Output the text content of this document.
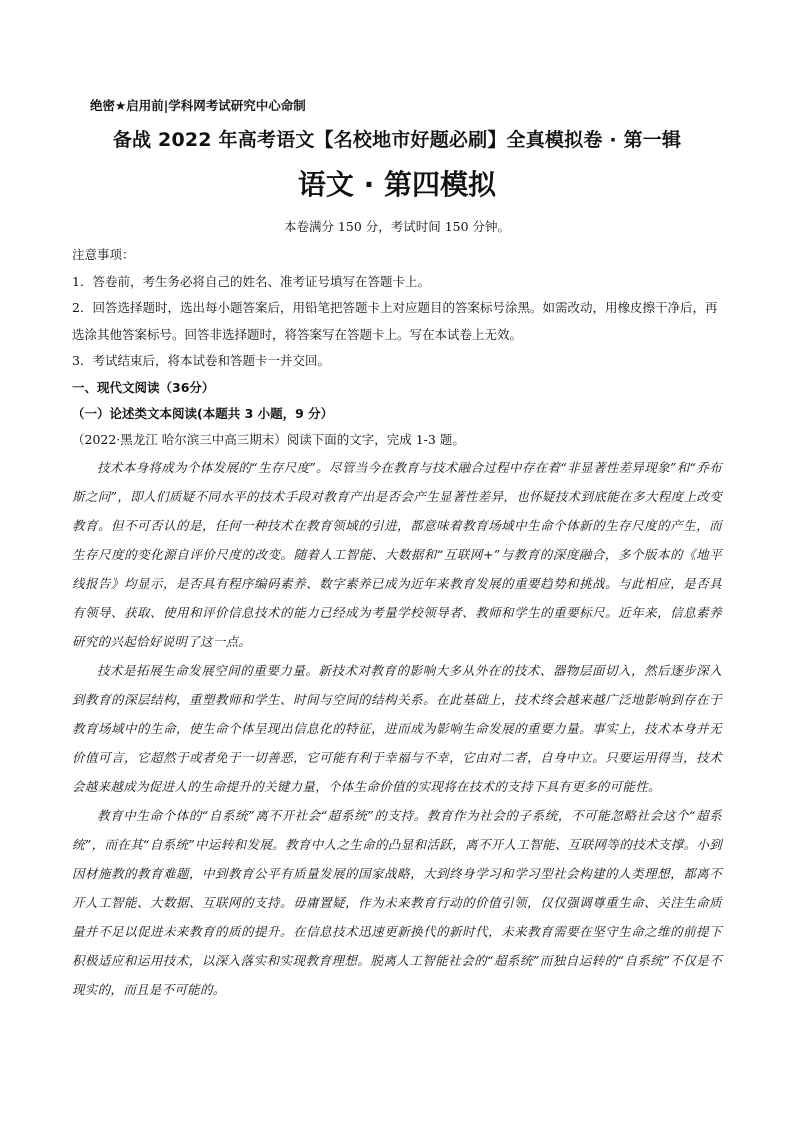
绝密★启用前|学科网考试研究中心命制
备战 2022 年高考语文【名校地市好题必刷】全真模拟卷 · 第一辑
语文 · 第四模拟
本卷满分 150 分，考试时间 150 分钟。
注意事项：
1．答卷前，考生务必将自己的姓名、准考证号填写在答题卡上。
2．回答选择题时，选出每小题答案后，用铅笔把答题卡上对应题目的答案标号涂黑。如需改动，用橡皮擦干净后，再选涂其他答案标号。回答非选择题时，将答案写在答题卡上。写在本试卷上无效。
3．考试结束后，将本试卷和答题卡一并交回。
一、现代文阅读（36分）
（一）论述类文本阅读(本题共 3 小题，9 分）
（2022·黑龙江 哈尔滨三中高三期末）阅读下面的文字，完成 1-3 题。

技术本身将成为个体发展的“生存尺度”。尽管当今在教育与技术融合过程中存在着“非显著性差异现象”和“乔布斯之问”，即人们质疑不同水平的技术手段对教育产出是否会产生显著性差异，也怀疑技术到底能在多大程度上改变教育。但不可否认的是，任何一种技术在教育领域的引进，都意味着教育场域中生命个体新的生存尺度的产生，而生存尺度的变化源自评价尺度的改变。随着人工智能、大数据和“互联网+”与教育的深度融合，多个版本的《地平线报告》均显示，是否具有程序编码素养、数字素养已成为近年来教育发展的重要趋势和挑战。与此相应，是否具有领导、获取、使用和评价信息技术的能力已经成为考量学校领导者、教师和学生的重要标尺。近年来，信息素养研究的兴起恰好说明了这一点。

技术是拓展生命发展空间的重要力量。新技术对教育的影响大多从外在的技术、器物层面切入，然后逐步深入到教育的深层结构，重塑教师和学生、时间与空间的结构关系。在此基础上，技术终会越来越广泛地影响到存在于教育场域中的生命，使生命个体呈现出信息化的特征，进而成为影响生命发展的重要力量。事实上，技术本身并无价值可言，它超然于或者免于一切善恶，它可能有利于幸福与不幸，它由对二者，自身中立。只要运用得当，技术会越来越成为促进人的生命提升的关键力量，个体生命价值的实现将在技术的支持下具有更多的可能性。

教育中生命个体的“自系统”离不开社会“超系统”的支持。教育作为社会的子系统，不可能忽略社会这个“超系统”，而在其“自系统”中运转和发展。教育中人之生命的凸显和活跃，离不开人工智能、互联网等的技术支撑。小到因材施教的教育难题，中到教育公平有质量发展的国家战略，大到终身学习和学习型社会构建的人类理想，都离不开人工智能、大数据、互联网的支持。毋庸置疑，作为未来教育行动的价值引领，仅仅强调尊重生命、关注生命质量并不足以促进未来教育的质的提升。在信息技术迅速更新换代的新时代，未来教育需要在坚守生命之维的前提下积极适应和运用技术，以深入落实和实现教育理想。脱离人工智能社会的“超系统”而独自运转的“自系统”不仅是不现实的，而且是不可能的。
